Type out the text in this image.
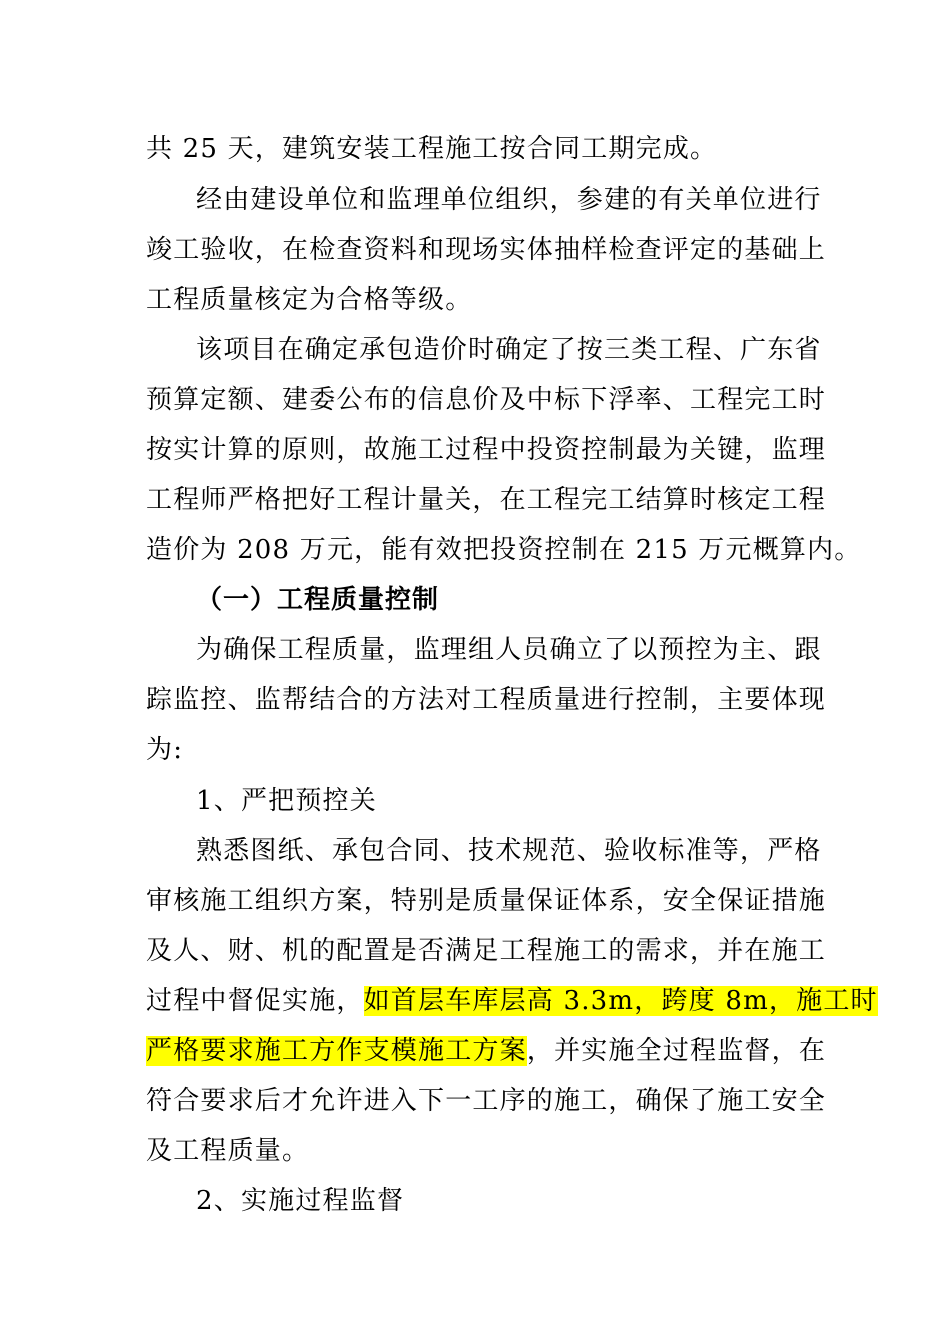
共 25 天，建筑安装工程施工按合同工期完成。
经由建设单位和监理单位组织，参建的有关单位进行
竣工验收，在检查资料和现场实体抽样检查评定的基础上
工程质量核定为合格等级。
该项目在确定承包造价时确定了按三类工程、广东省
预算定额、建委公布的信息价及中标下浮率、工程完工时
按实计算的原则，故施工过程中投资控制最为关键，监理
工程师严格把好工程计量关，在工程完工结算时核定工程
造价为 208 万元，能有效把投资控制在 215 万元概算内。
（一）工程质量控制
为确保工程质量，监理组人员确立了以预控为主、跟
踪监控、监帮结合的方法对工程质量进行控制，主要体现
为:
1、严把预控关
熟悉图纸、承包合同、技术规范、验收标准等，严格
审核施工组织方案，特别是质量保证体系，安全保证措施
及人、财、机的配置是否满足工程施工的需求，并在施工
过程中督促实施，如首层车库层高 3.3m，跨度 8m，施工时
严格要求施工方作支模施工方案，并实施全过程监督，在
符合要求后才允许进入下一工序的施工，确保了施工安全
及工程质量。
2、实施过程监督
